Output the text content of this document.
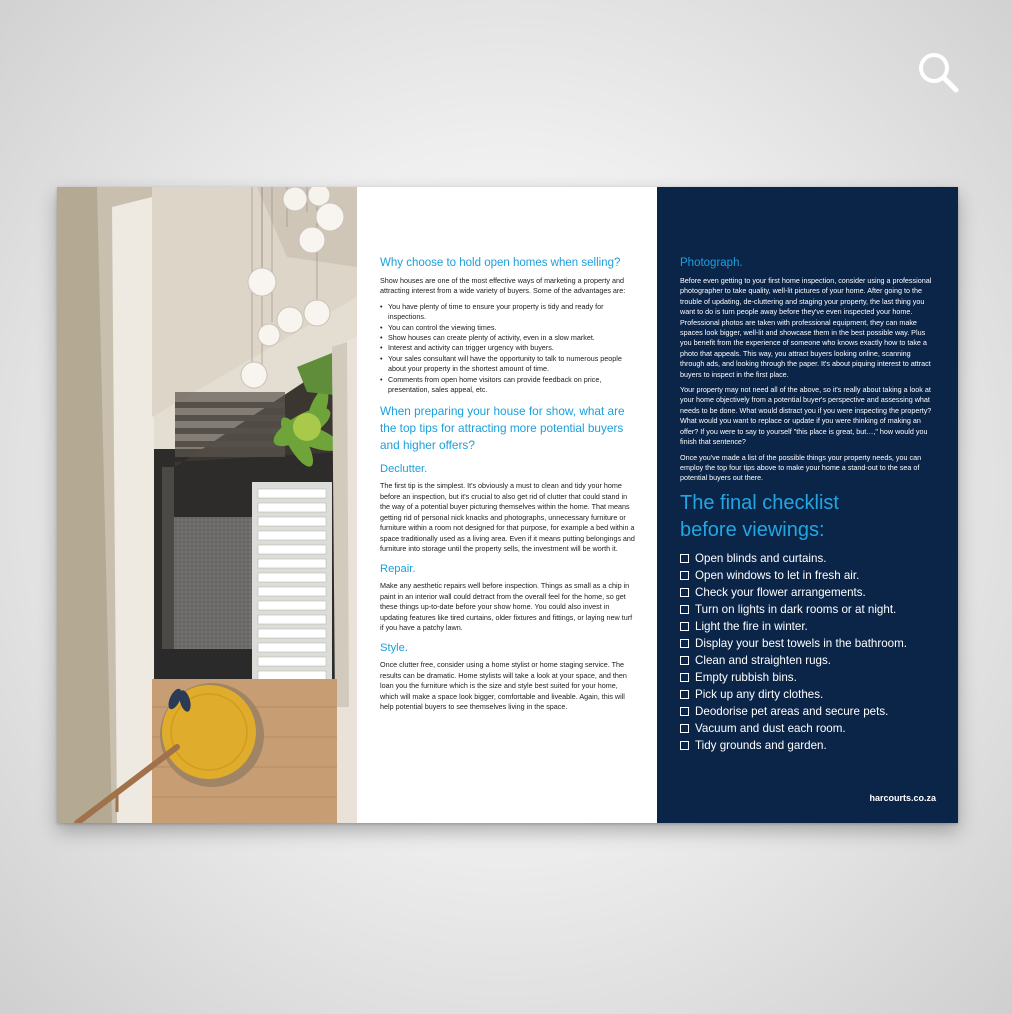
Why choose to hold open homes when selling?

Show houses are one of the most effective ways of marketing a property and attracting interest from a wide variety of buyers. Some of the advantages are:

• You have plenty of time to ensure your property is tidy and ready for inspections.
• You can control the viewing times.
• Show houses can create plenty of activity, even in a slow market.
• Interest and activity can trigger urgency with buyers.
• Your sales consultant will have the opportunity to talk to numerous people about your property in the shortest amount of time.
• Comments from open home visitors can provide feedback on price, presentation, sales appeal, etc.
When preparing your house for show, what are the top tips for attracting more potential buyers and higher offers?
Declutter.

The first tip is the simplest. It's obviously a must to clean and tidy your home before an inspection, but it's crucial to also get rid of clutter that could stand in the way of a potential buyer picturing themselves within the home. That means getting rid of personal nick knacks and photographs, unnecessary furniture or furniture within a room not designed for that purpose, for example a bed within a space traditionally used as a living area. Even if it means putting belongings and furniture into storage until the property sells, the investment will be worth it.

Repair.

Make any aesthetic repairs well before inspection. Things as small as a chip in paint in an interior wall could detract from the overall feel for the home, so get these things up-to-date before your show home. You could also invest in updating features like tired curtains, older fixtures and fittings, or laying new turf if you have a patchy lawn.

Style.

Once clutter free, consider using a home stylist or home staging service. The results can be dramatic. Home stylists will take a look at your space, and then loan you the furniture which is the size and style best suited for your home, which will make a space look bigger, comfortable and liveable. Again, this will help potential buyers to see themselves living in the space.

Photograph.

Before even getting to your first home inspection, consider using a professional photographer to take quality, well-lit pictures of your home. After going to the trouble of updating, de-cluttering and staging your property, the last thing you want to do is turn people away before they've even inspected your home. Professional photos are taken with professional equipment, they can make spaces look bigger, well-lit and showcase them in the best possible way. Plus you benefit from the experience of someone who knows exactly how to take a photo that appeals. This way, you attract buyers looking online, scanning through ads, and looking through the paper. It's about piquing interest to attract buyers to inspect in the first place.

Your property may not need all of the above, so it's really about taking a look at your home objectively from a potential buyer's perspective and assessing what needs to be done. What would distract you if you were inspecting the property? What would you want to replace or update if you were thinking of making an offer? If you were to say to yourself "this place is great, but…," how would you finish that sentence?

Once you've made a list of the possible things your property needs, you can employ the top four tips above to make your home a stand-out to the sea of potential buyers out there.

The final checklist
before viewings:
Open blinds and curtains.
Open windows to let in fresh air.
Check your flower arrangements.
Turn on lights in dark rooms or at night.
Light the fire in winter.
Display your best towels in the bathroom.
Clean and straighten rugs.
Empty rubbish bins.
Pick up any dirty clothes.
Deodorise pet areas and secure pets.
Vacuum and dust each room.
Tidy grounds and garden.
harcourts.co.za
